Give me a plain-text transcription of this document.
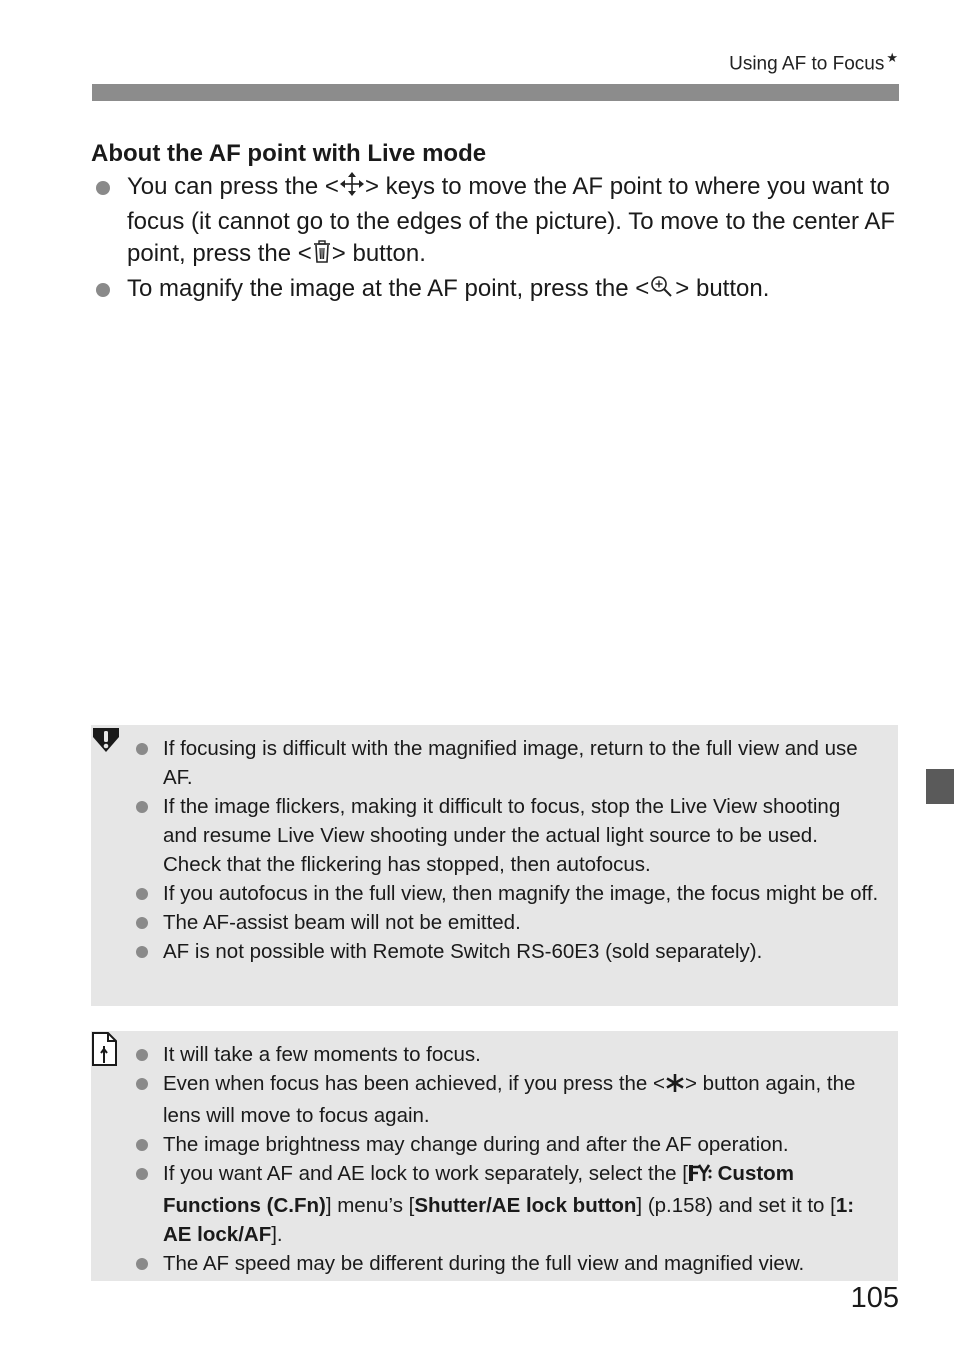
Using AF to Focus ★
About the AF point with Live mode
You can press the < > keys to move the AF point to where you want to focus (it cannot go to the edges of the picture). To move to the center AF point, press the < > button.
To magnify the image at the AF point, press the < > button.
If focusing is difficult with the magnified image, return to the full view and use AF.
If the image flickers, making it difficult to focus, stop the Live View shooting and resume Live View shooting under the actual light source to be used. Check that the flickering has stopped, then autofocus.
If you autofocus in the full view, then magnify the image, the focus might be off.
The AF-assist beam will not be emitted.
AF is not possible with Remote Switch RS-60E3 (sold separately).
It will take a few moments to focus.
Even when focus has been achieved, if you press the < > button again, the lens will move to focus again.
The image brightness may change during and after the AF operation.
If you want AF and AE lock to work separately, select the [ Custom Functions (C.Fn)] menu’s [Shutter/AE lock button] (p.158) and set it to [1: AE lock/AF].
The AF speed may be different during the full view and magnified view.
105
